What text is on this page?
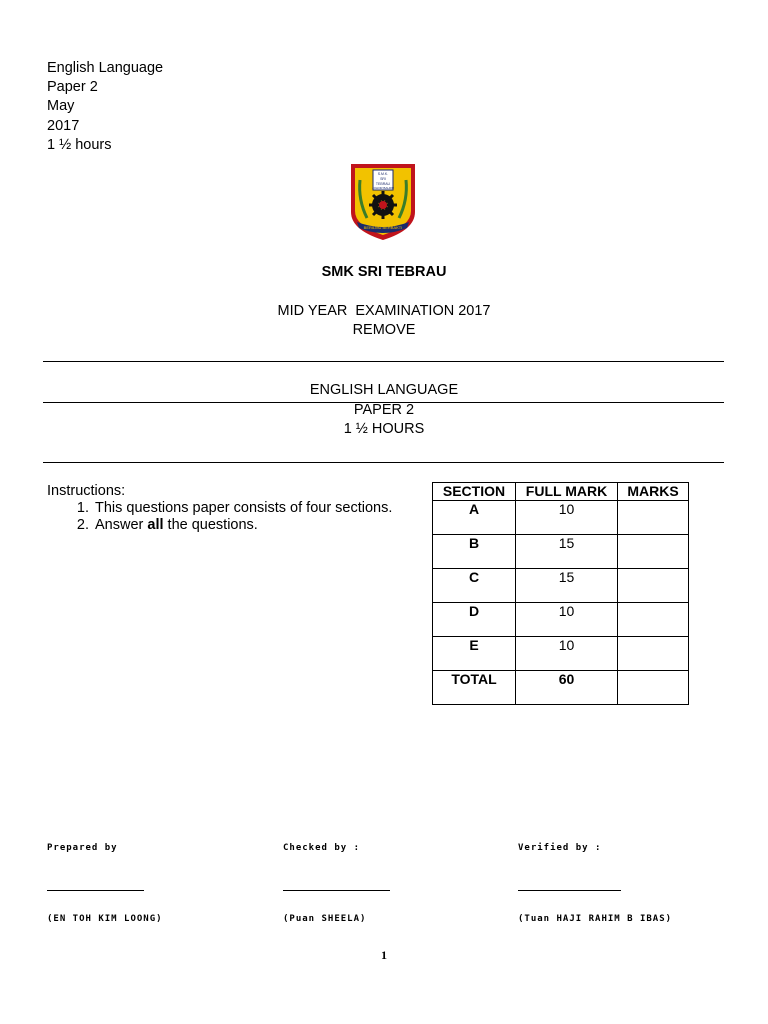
English Language
Paper 2
May
2017
1 ½ hours
S.M.K.
SRI
TEBRAU
JOHOR BAHRU
BERILMU BERBAKTI
SMK SRI TEBRAU
MID YEAR  EXAMINATION 2017
REMOVE
ENGLISH LANGUAGE
PAPER 2
1 ½ HOURS
Instructions:
1. This questions paper consists of four sections.
2. Answer all the questions.
SECTION	FULL MARK	MARKS
A	10	
B	15	
C	15	
D	10	
E	10	
TOTAL	60	
Prepared by	Checked by :	Verified by :
(EN TOH KIM LOONG)	(Puan SHEELA)	(Tuan HAJI RAHIM B IBAS)
1
